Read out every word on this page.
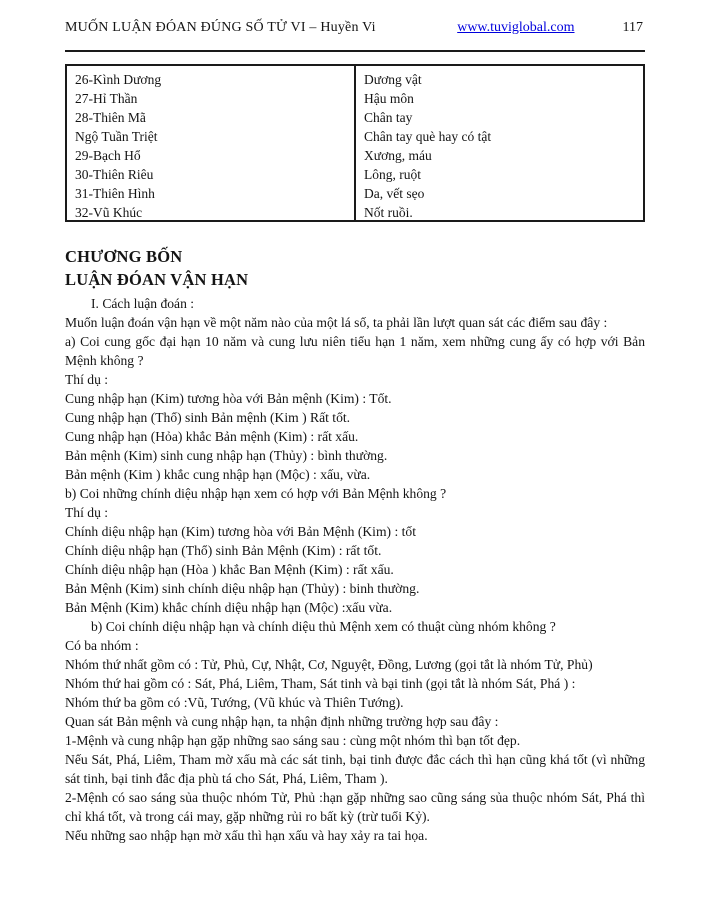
MUỐN LUẬN ĐÓAN ĐÚNG SỐ TỬ VI – Huyền Vi	www.tuviglobal.com	117
26-Kình Dương
27-Hỉ Thần
28-Thiên Mã
Ngộ Tuần Triệt
29-Bạch Hổ
30-Thiên Riêu
31-Thiên Hình
32-Vũ Khúc
Dương vật
Hậu môn
Chân tay
Chân tay què hay có tật
Xương, máu
Lông, ruột
Da, vết sẹo
Nốt ruồi.
CHƯƠNG BỐN
LUẬN ĐÓAN VẬN HẠN

I. Cách luận đoán :

Muốn luận đoán vận hạn về một năm nào của một lá số, ta phải lần lượt quan sát các điểm sau đây :

a) Coi cung gốc đại hạn 10 năm và cung lưu niên tiểu hạn 1 năm, xem những cung ấy có hợp với Bản Mệnh không ?

Thí dụ :

Cung nhập hạn (Kim) tương hòa với Bản mệnh (Kim) : Tốt.

Cung nhập hạn (Thổ) sinh Bản mệnh (Kim ) Rất tốt.

Cung nhập hạn (Hỏa) khắc Bản mệnh (Kim) : rất xấu.

Bản mệnh (Kim) sinh cung nhập hạn (Thủy) : bình thường.

Bản mệnh (Kim ) khắc cung nhập hạn (Mộc) : xấu, vừa.

b) Coi những chính diệu nhập hạn xem có hợp với Bản Mệnh không ?

Thí dụ :

Chính diệu nhập hạn (Kim) tương hòa với Bản Mệnh (Kim) : tốt

Chính diệu nhập hạn (Thổ) sinh Bản Mệnh (Kim) : rất tốt.

Chính diệu nhập hạn (Hòa ) khắc Ban Mệnh (Kim) : rất xấu.

Bản Mệnh (Kim) sinh chính diệu nhập hạn (Thủy) : binh thường.

Bản Mệnh (Kim) khắc chính diệu nhập hạn (Mộc) :xấu vừa.

b) Coi chính diệu nhập hạn và chính diệu thủ Mệnh xem có thuật cùng nhóm không ?

Có ba nhóm :

Nhóm thứ nhất gồm có : Tử, Phủ, Cự, Nhật, Cơ, Nguyệt, Đồng, Lương (gọi tắt là nhóm Tử, Phủ)

Nhóm thứ hai gồm có : Sát, Phá, Liêm, Tham, Sát tinh và bại tinh (gọi tắt là nhóm Sát, Phá ) :

Nhóm thứ ba gồm có :Vũ, Tướng, (Vũ khúc và Thiên Tướng).

Quan sát Bản mệnh và cung nhập hạn, ta nhận định những trường hợp sau đây :

1-Mệnh và cung nhập hạn gặp những sao sáng sau : cùng một nhóm thì bạn tốt đẹp.

Nếu Sát, Phá, Liêm, Tham mờ xấu mà các sát tinh, bại tinh được đắc cách thì hạn cũng khá tốt (vì những sát tinh, bại tinh đắc địa phù tá cho Sát, Phá, Liêm, Tham ).

2-Mệnh có sao sáng sủa thuộc nhóm Tử, Phủ :hạn gặp những sao cũng sáng sủa thuộc nhóm Sát, Phá thì chỉ khá tốt, và trong cái may, gặp những rủi ro bất kỳ (trừ tuổi Kỷ).

Nếu những sao nhập hạn mờ xấu thì hạn xấu và hay xảy ra tai họa.
